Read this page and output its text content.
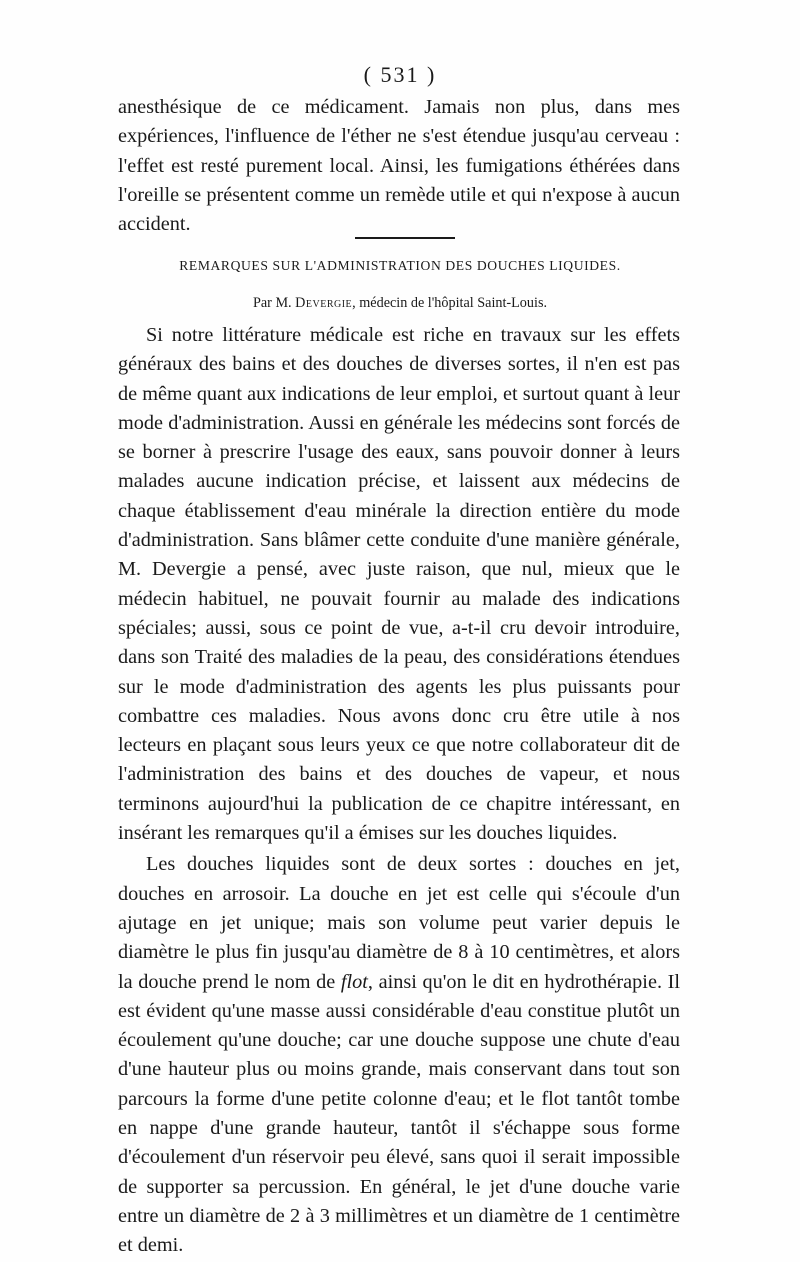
( 531 )

anesthésique de ce médicament. Jamais non plus, dans mes expériences, l'influence de l'éther ne s'est étendue jusqu'au cerveau : l'effet est resté purement local. Ainsi, les fumigations éthérées dans l'oreille se présentent comme un remède utile et qui n'expose à aucun accident.

REMARQUES SUR L'ADMINISTRATION DES DOUCHES LIQUIDES.
Par M. Devergie, médecin de l'hôpital Saint-Louis.

Si notre littérature médicale est riche en travaux sur les effets généraux des bains et des douches de diverses sortes, il n'en est pas de même quant aux indications de leur emploi, et surtout quant à leur mode d'administration. Aussi en générale les médecins sont forcés de se borner à prescrire l'usage des eaux, sans pouvoir donner à leurs malades aucune indication précise, et laissent aux médecins de chaque établissement d'eau minérale la direction entière du mode d'administration. Sans blâmer cette conduite d'une manière générale, M. Devergie a pensé, avec juste raison, que nul, mieux que le médecin habituel, ne pouvait fournir au malade des indications spéciales; aussi, sous ce point de vue, a-t-il cru devoir introduire, dans son Traité des maladies de la peau, des considérations étendues sur le mode d'administration des agents les plus puissants pour combattre ces maladies. Nous avons donc cru être utile à nos lecteurs en plaçant sous leurs yeux ce que notre collaborateur dit de l'administration des bains et des douches de vapeur, et nous terminons aujourd'hui la publication de ce chapitre intéressant, en insérant les remarques qu'il a émises sur les douches liquides.

Les douches liquides sont de deux sortes : douches en jet, douches en arrosoir. La douche en jet est celle qui s'écoule d'un ajutage en jet unique; mais son volume peut varier depuis le diamètre le plus fin jusqu'au diamètre de 8 à 10 centimètres, et alors la douche prend le nom de flot, ainsi qu'on le dit en hydrothérapie. Il est évident qu'une masse aussi considérable d'eau constitue plutôt un écoulement qu'une douche; car une douche suppose une chute d'eau d'une hauteur plus ou moins grande, mais conservant dans tout son parcours la forme d'une petite colonne d'eau; et le flot tantôt tombe en nappe d'une grande hauteur, tantôt il s'échappe sous forme d'écoulement d'un réservoir peu élevé, sans quoi il serait impossible de supporter sa percussion. En général, le jet d'une douche varie entre un diamètre de 2 à 3 millimètres et un diamètre de 1 centimètre et demi.
